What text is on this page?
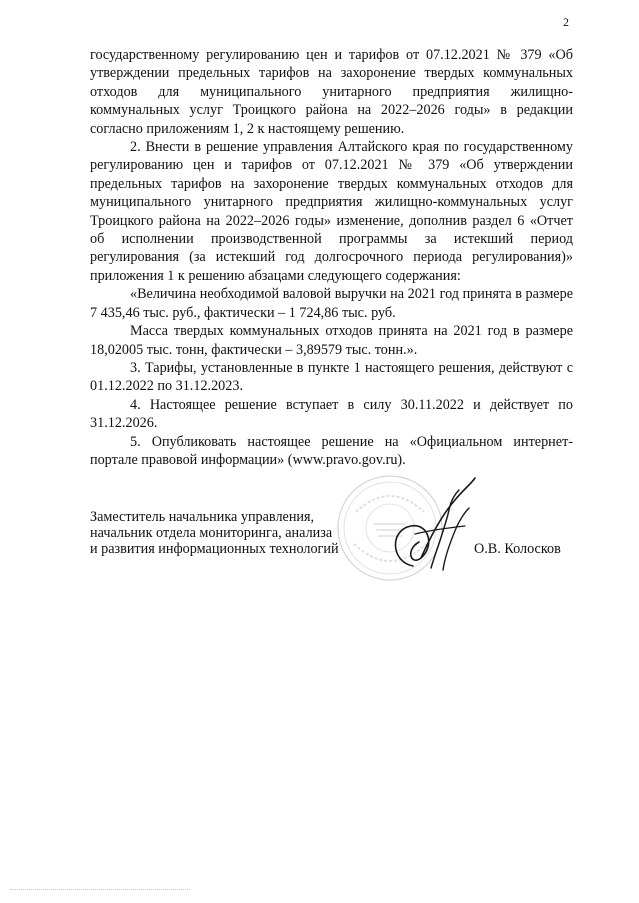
2

государственному регулированию цен и тарифов от 07.12.2021 № 379 «Об утверждении предельных тарифов на захоронение твердых коммунальных отходов для муниципального унитарного предприятия жилищно-коммунальных услуг Троицкого района на 2022–2026 годы» в редакции согласно приложениям 1, 2 к настоящему решению.

2. Внести в решение управления Алтайского края по государственному регулированию цен и тарифов от 07.12.2021 № 379 «Об утверждении предельных тарифов на захоронение твердых коммунальных отходов для муниципального унитарного предприятия жилищно-коммунальных услуг Троицкого района на 2022–2026 годы» изменение, дополнив раздел 6 «Отчет об исполнении производственной программы за истекший период регулирования (за истекший год долгосрочного периода регулирования)» приложения 1 к решению абзацами следующего содержания:

«Величина необходимой валовой выручки на 2021 год принята в размере 7 435,46 тыс. руб., фактически – 1 724,86 тыс. руб.

Масса твердых коммунальных отходов принята на 2021 год в размере 18,02005 тыс. тонн, фактически – 3,89579 тыс. тонн.».

3. Тарифы, установленные в пункте 1 настоящего решения, действуют с 01.12.2022 по 31.12.2023.

4. Настоящее решение вступает в силу 30.11.2022 и действует по 31.12.2026.

5. Опубликовать настоящее решение на «Официальном интернет-портале правовой информации» (www.pravo.gov.ru).

Заместитель начальника управления,
начальник отдела мониторинга, анализа
и развития информационных технологий	О.В. Колосков
